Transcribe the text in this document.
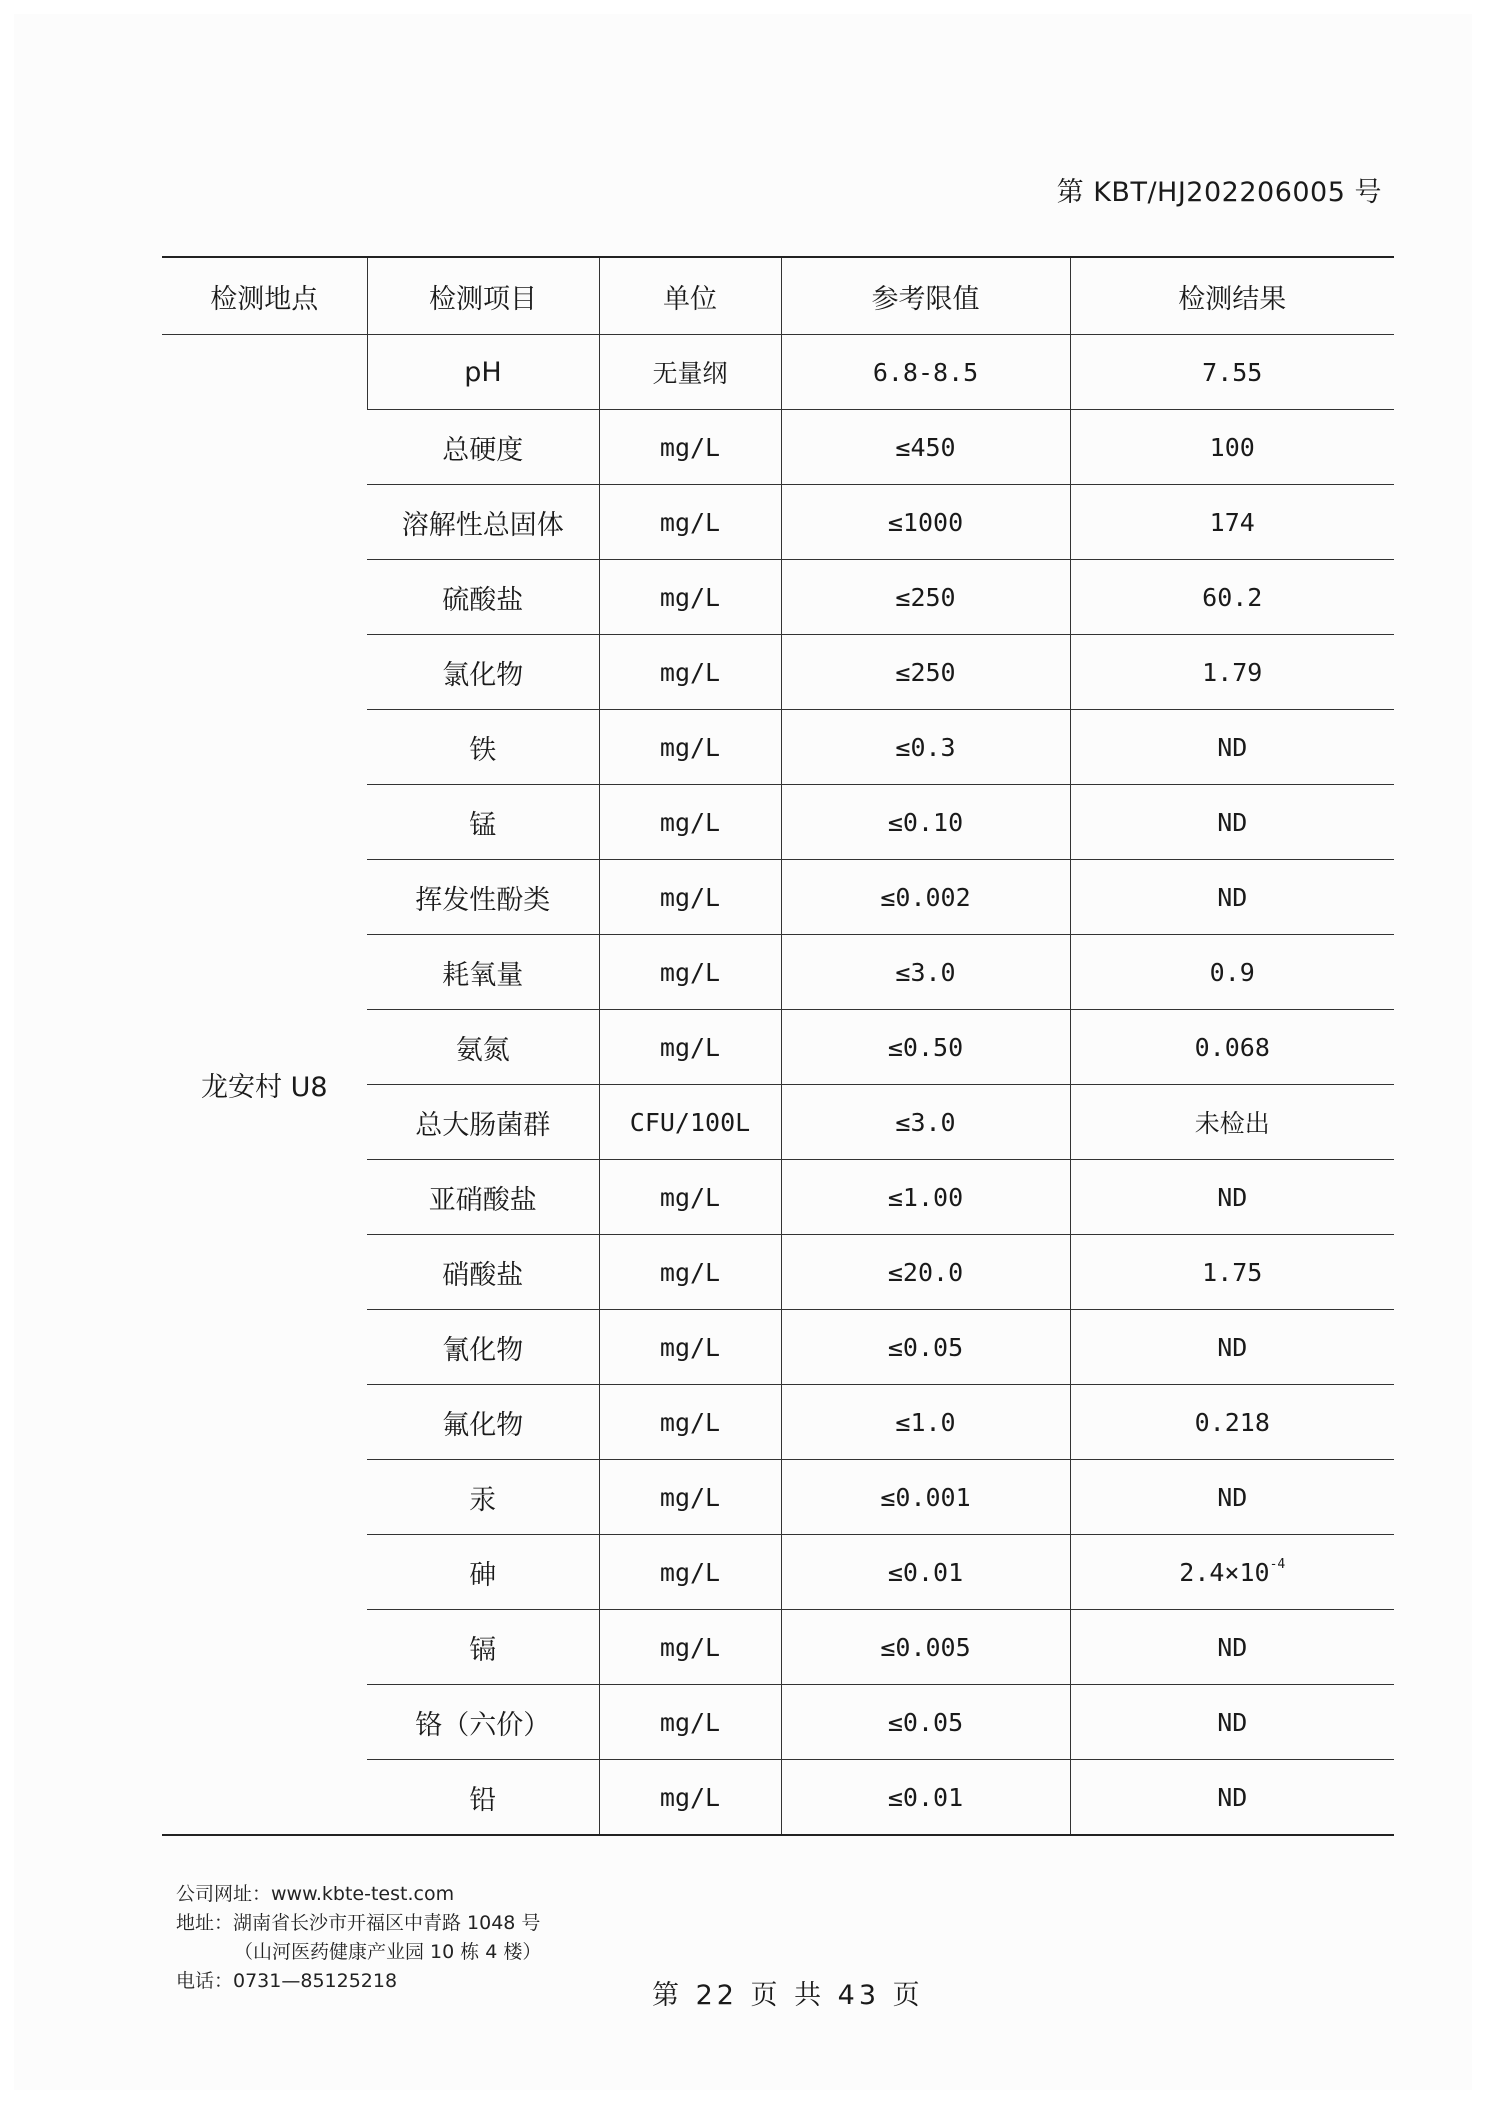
第 KBT/HJ202206005 号
检测地点	检测项目	单位	参考限值	检测结果
龙安村 U8	pH	无量纲	6.8-8.5	7.55
	总硬度	mg/L	≤450	100
	溶解性总固体	mg/L	≤1000	174
	硫酸盐	mg/L	≤250	60.2
	氯化物	mg/L	≤250	1.79
	铁	mg/L	≤0.3	ND
	锰	mg/L	≤0.10	ND
	挥发性酚类	mg/L	≤0.002	ND
	耗氧量	mg/L	≤3.0	0.9
	氨氮	mg/L	≤0.50	0.068
	总大肠菌群	CFU/100L	≤3.0	未检出
	亚硝酸盐	mg/L	≤1.00	ND
	硝酸盐	mg/L	≤20.0	1.75
	氰化物	mg/L	≤0.05	ND
	氟化物	mg/L	≤1.0	0.218
	汞	mg/L	≤0.001	ND
	砷	mg/L	≤0.01	$2.4\times 10^{-4}$
	镉	mg/L	≤0.005	ND
	铬（六价）	mg/L	≤0.05	ND
	铅	mg/L	≤0.01	ND
公司网址：www.kbte-test.com
地址：湖南省长沙市开福区中青路 1048 号
（山河医药健康产业园 10 栋 4 楼）
电话：0731—85125218	第 22 页 共 43 页
